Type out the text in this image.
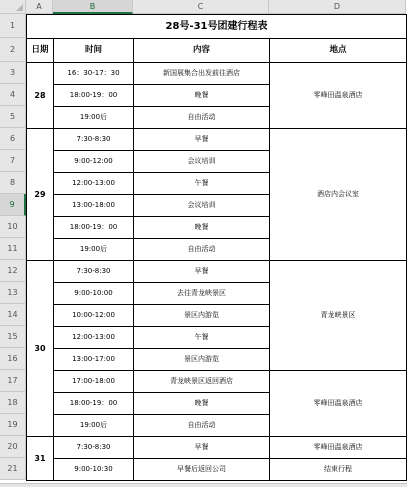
A	B	C	D
1
2
3
4
5
6
7
8
9
10
11
12
13
14
15
16
17
18
19
20
21
28号-31号团建行程表			
日期	时间	内容	地点
28	16：30-17：30	新国展集合出发前往酒店	零峰田温泉酒店
	18:00-19：00	晚餐	
	19:00后	自由活动	
29	7:30-8:30	早餐	酒店内会议室
	9:00-12:00	会议培训	
	12:00-13:00	午餐	
	13:00-18:00	会议培训	
	18:00-19：00	晚餐	
	19:00后	自由活动	
30	7:30-8:30	早餐	青龙峡景区
	9:00-10:00	去往青龙峡景区	
	10:00-12:00	景区内游览	
	12:00-13:00	午餐	
	13:00-17:00	景区内游览	
	17:00-18:00	青龙峡景区返回酒店	零峰田温泉酒店
	18:00-19：00	晚餐	
	19:00后	自由活动	
31	7:30-8:30	早餐	零峰田温泉酒店
	9:00-10:30	早餐后返回公司	结束行程
